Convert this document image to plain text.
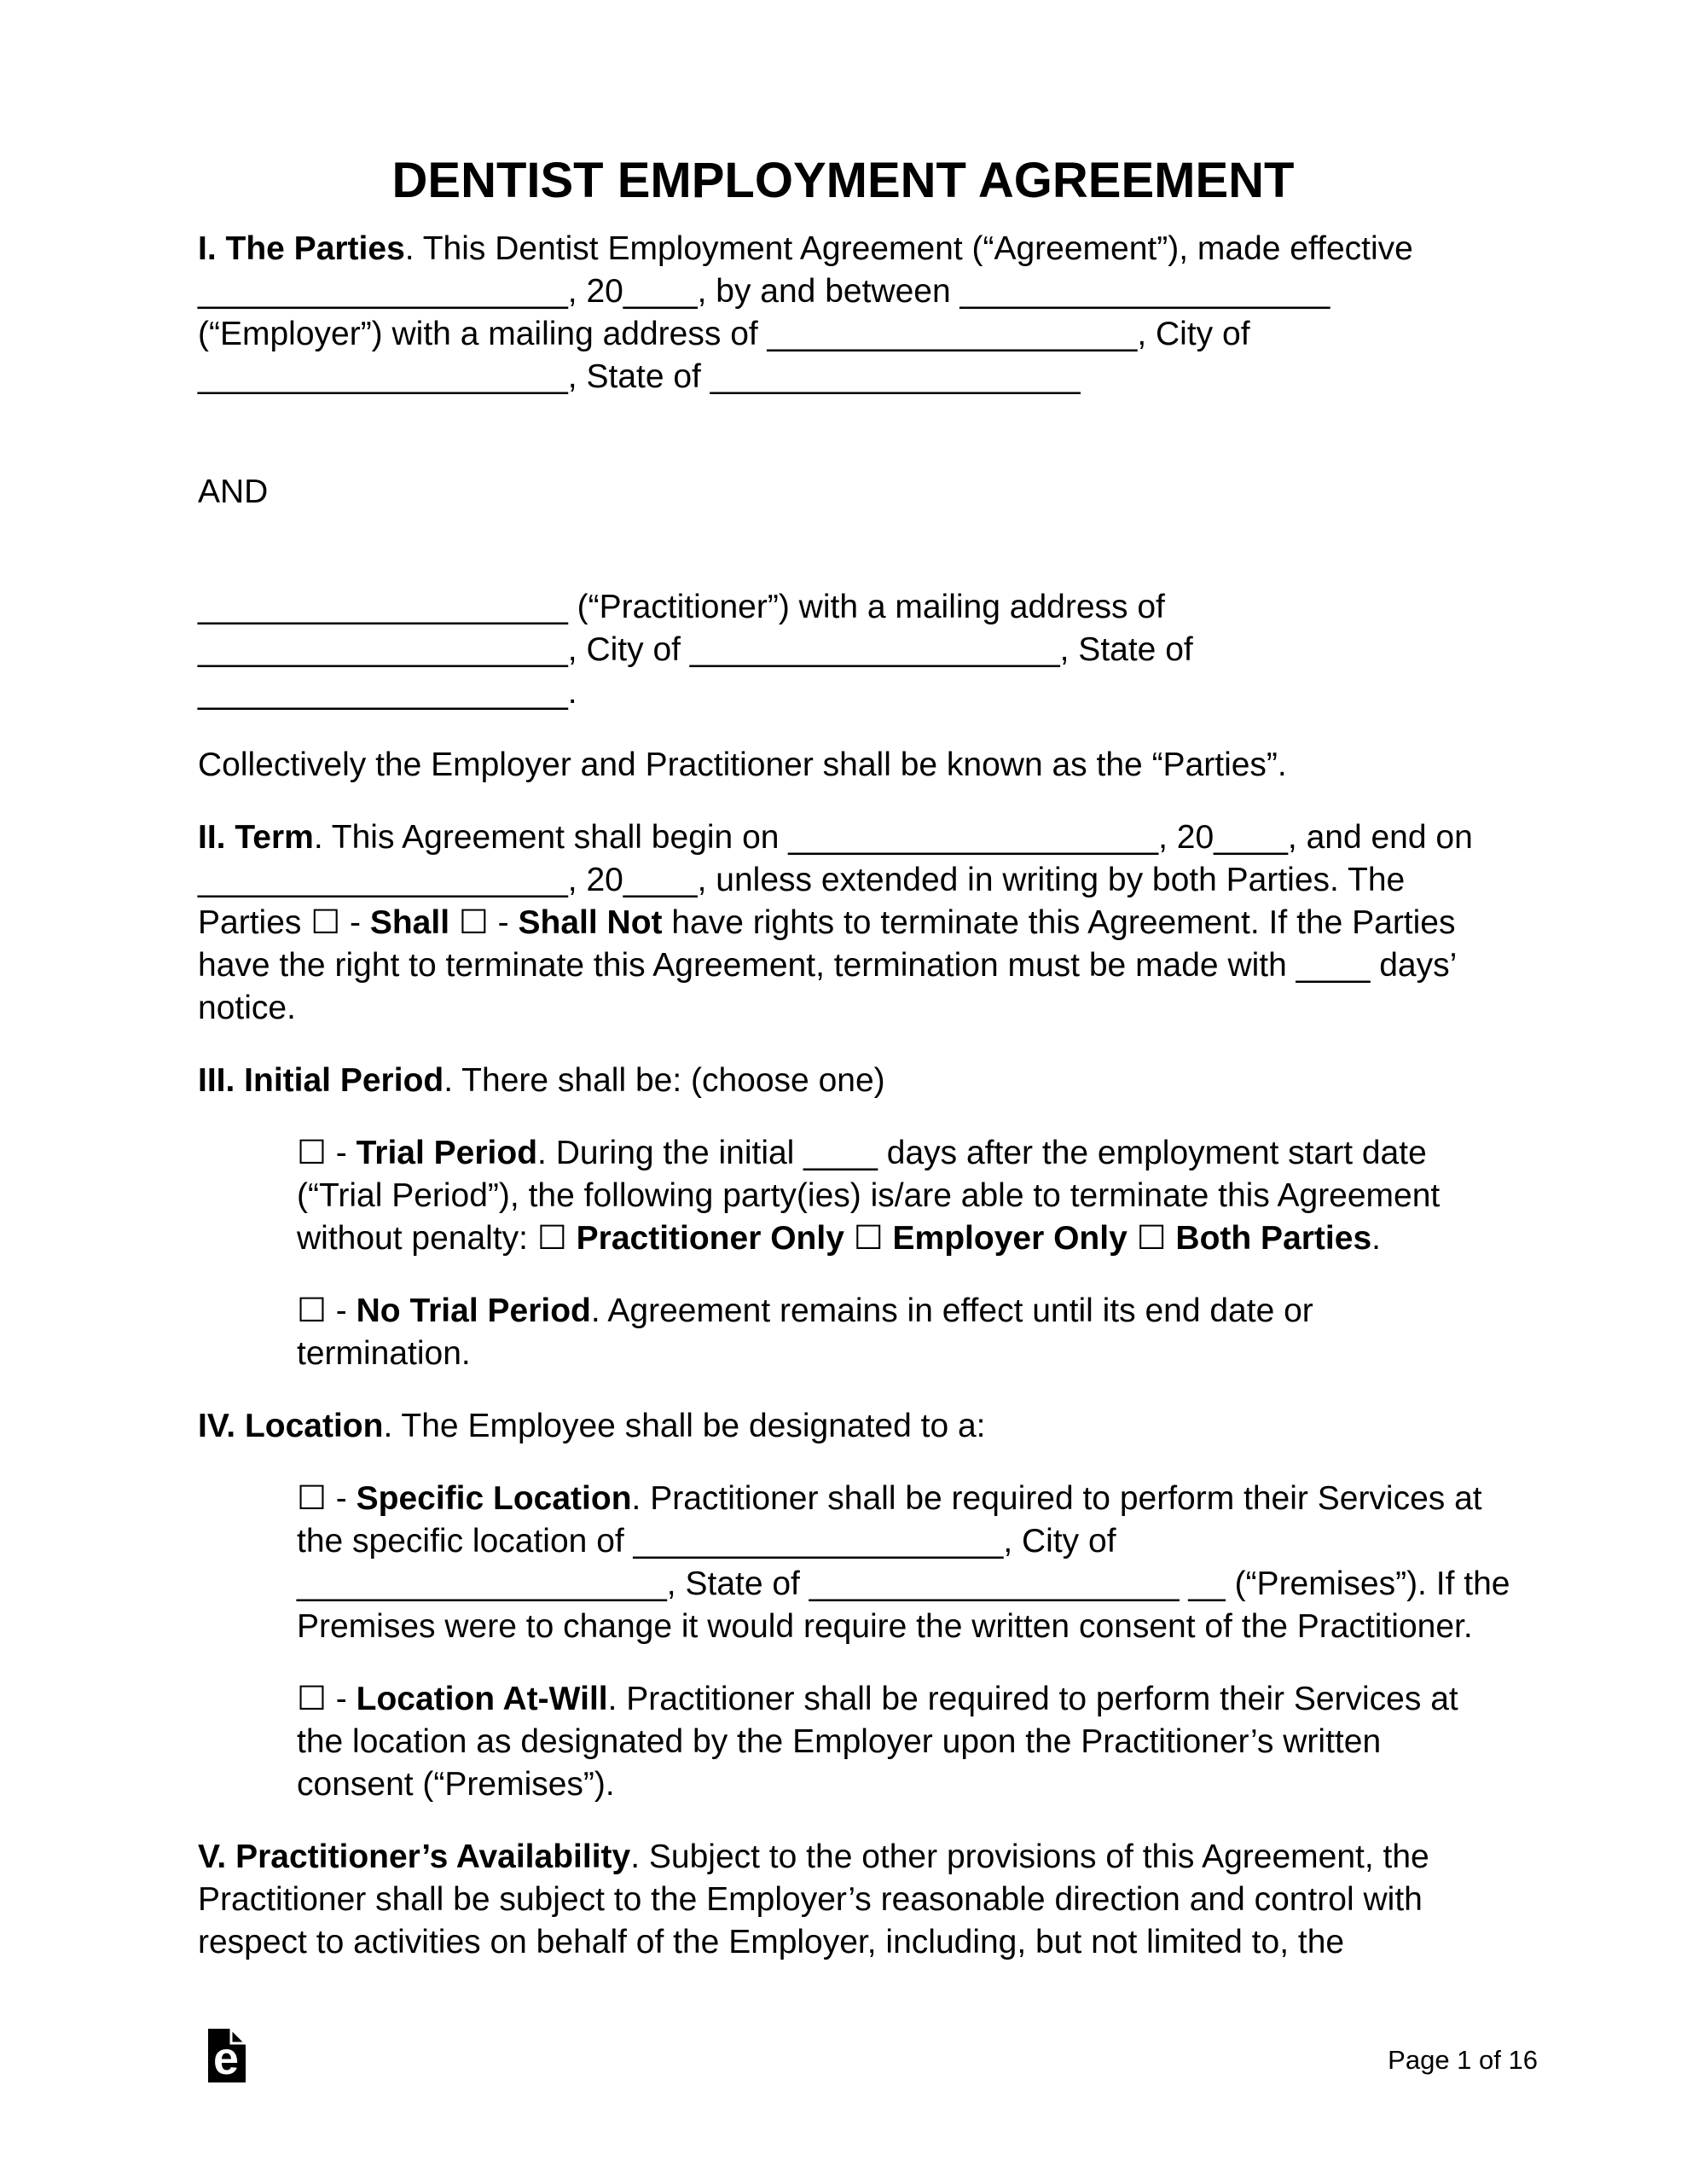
DENTIST EMPLOYMENT AGREEMENT
I. The Parties. This Dentist Employment Agreement (“Agreement”), made effective
____________________, 20____, by and between ____________________
(“Employer”) with a mailing address of ____________________, City of
____________________, State of ____________________
AND
____________________ (“Practitioner”) with a mailing address of
____________________, City of ____________________, State of
____________________.
Collectively the Employer and Practitioner shall be known as the “Parties”.
II. Term. This Agreement shall begin on ____________________, 20____, and end on
____________________, 20____, unless extended in writing by both Parties. The
Parties ☐ - Shall ☐ - Shall Not have rights to terminate this Agreement. If the Parties
have the right to terminate this Agreement, termination must be made with ____ days’
notice.
III. Initial Period. There shall be: (choose one)
☐ - Trial Period. During the initial ____ days after the employment start date
(“Trial Period”), the following party(ies) is/are able to terminate this Agreement
without penalty: ☐ Practitioner Only ☐ Employer Only ☐ Both Parties.
☐ - No Trial Period. Agreement remains in effect until its end date or
termination.
IV. Location. The Employee shall be designated to a:
☐ - Specific Location. Practitioner shall be required to perform their Services at
the specific location of ____________________, City of
____________________, State of ____________________ __ (“Premises”). If the
Premises were to change it would require the written consent of the Practitioner.
☐ - Location At-Will. Practitioner shall be required to perform their Services at
the location as designated by the Employer upon the Practitioner’s written
consent (“Premises”).
V. Practitioner’s Availability. Subject to the other provisions of this Agreement, the
Practitioner shall be subject to the Employer’s reasonable direction and control with
respect to activities on behalf of the Employer, including, but not limited to, the
e	Page 1 of 16
